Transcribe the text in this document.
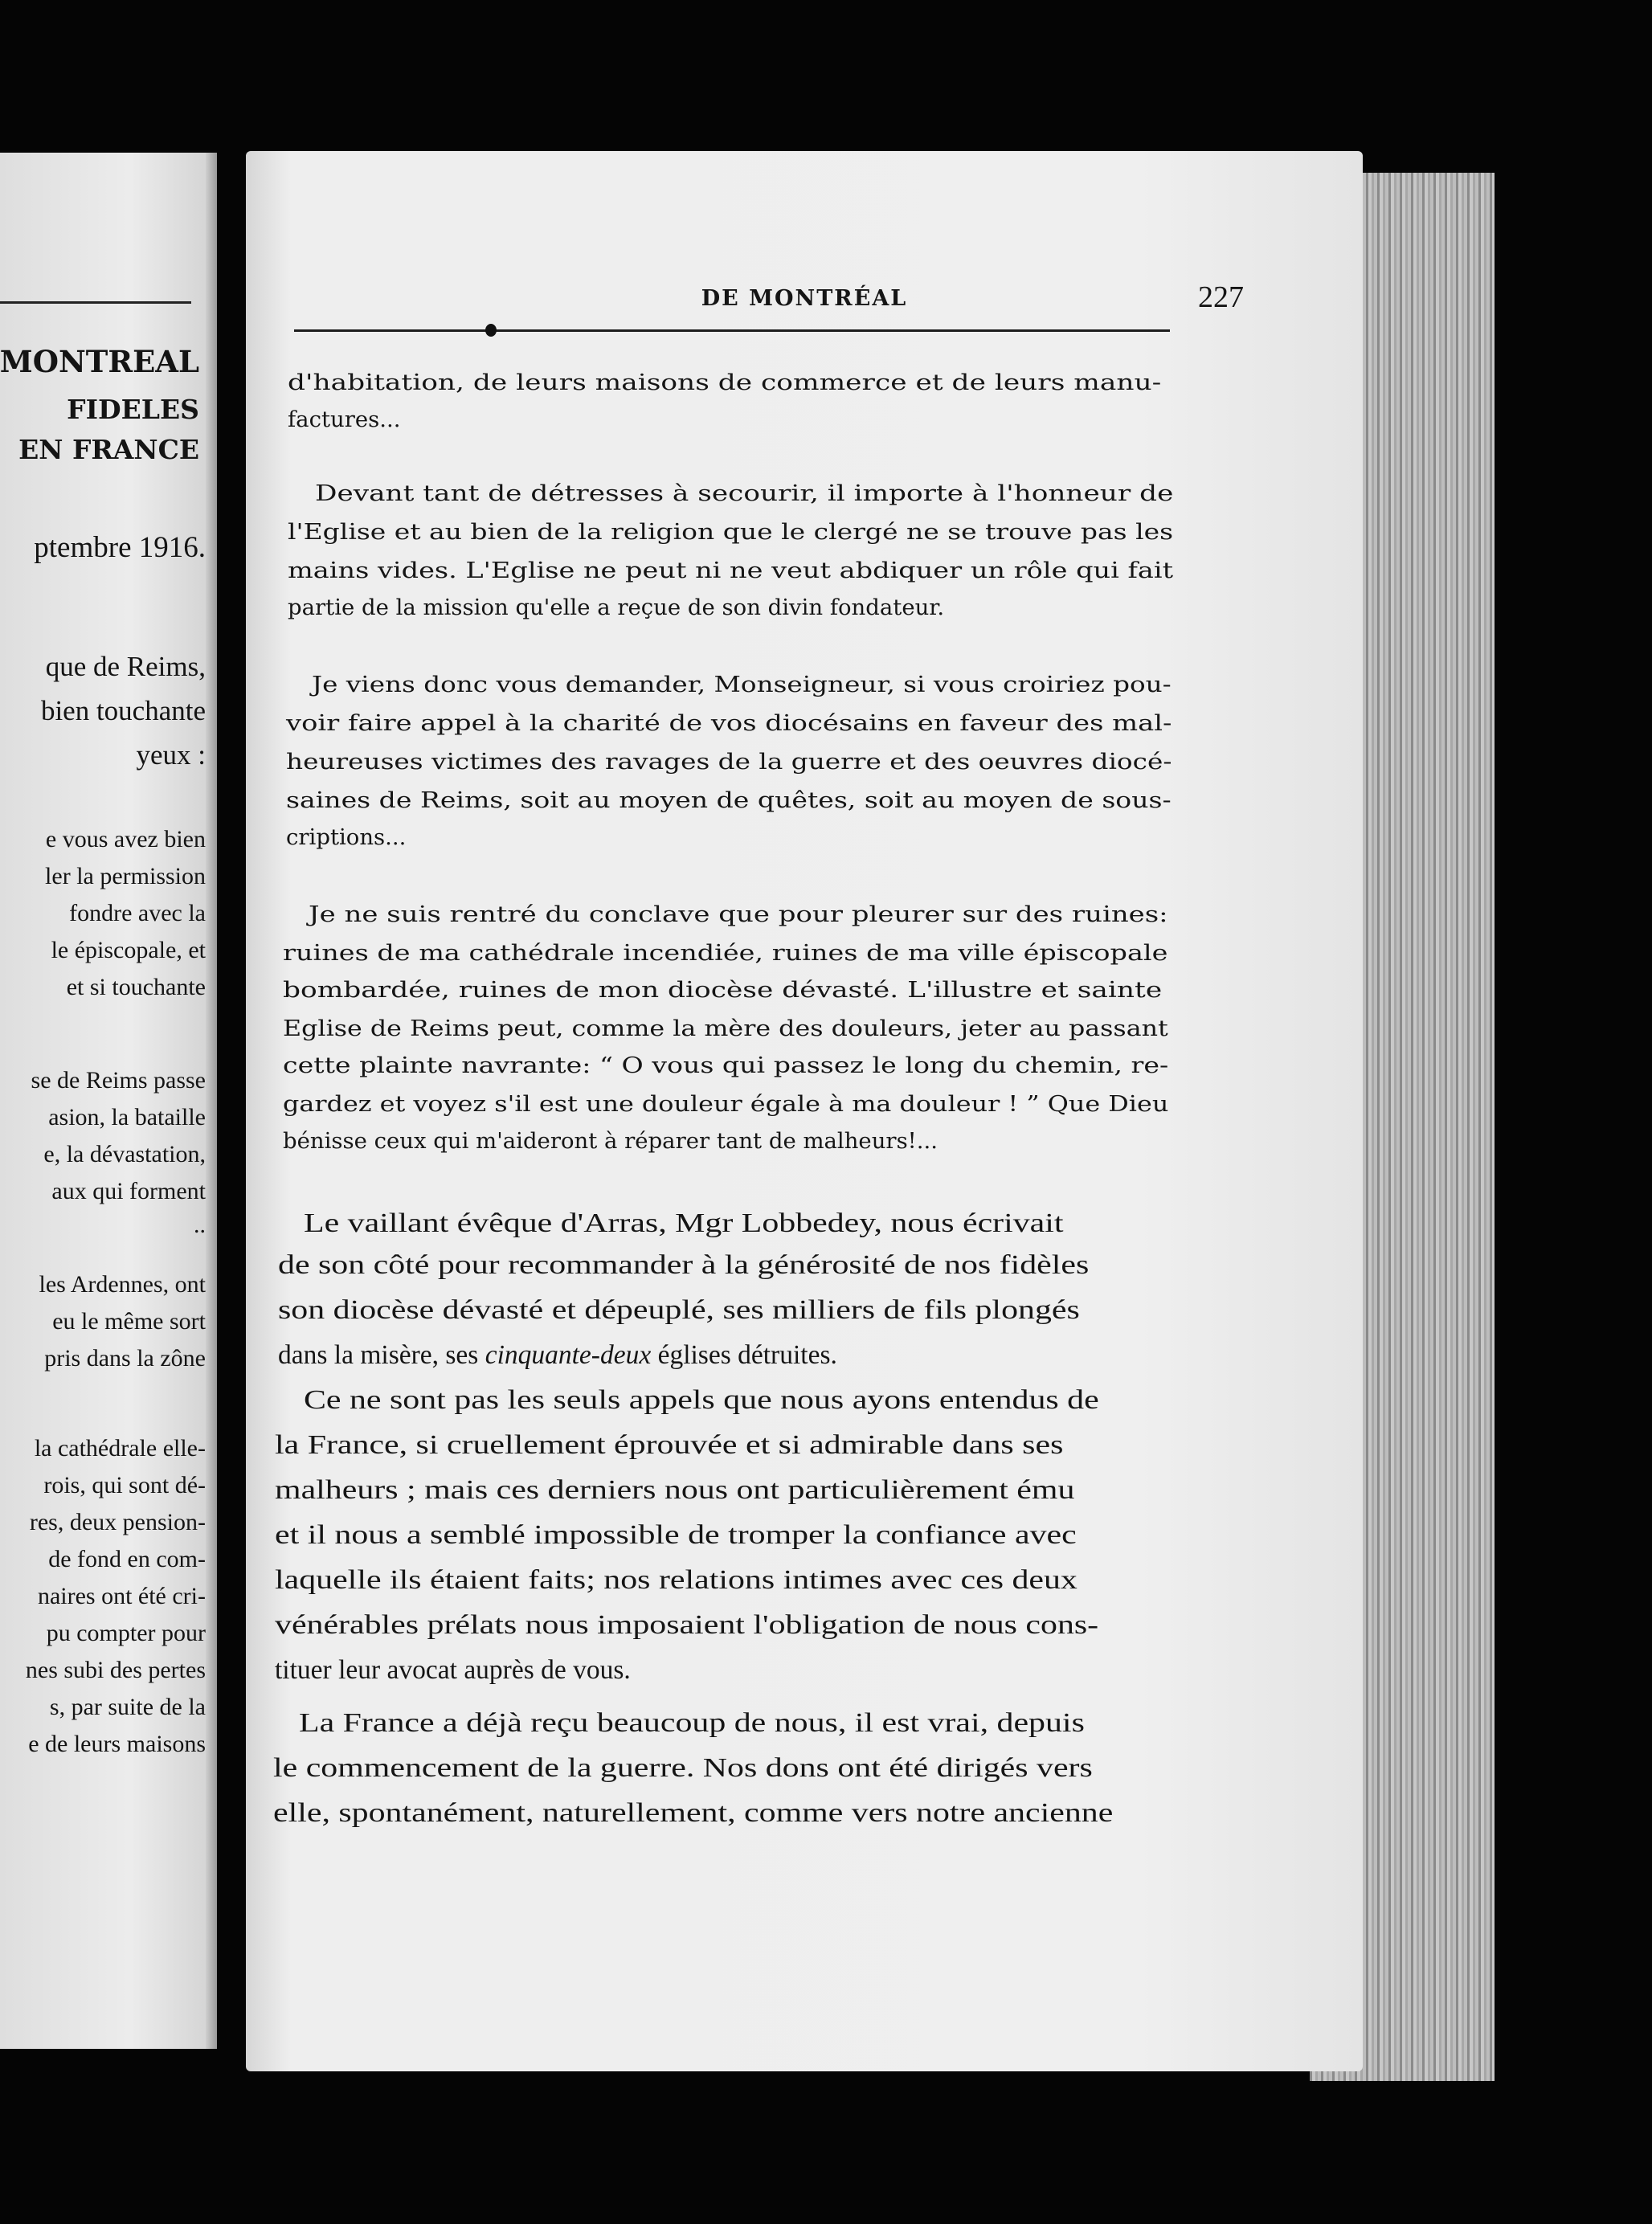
MONTREAL
FIDELES
EN FRANCE
ptembre 1916.
que de Reims,
bien touchante
yeux :
e vous avez bien
ler la permission
fondre avec la
le épiscopale, et
et si touchante
se de Reims passe
asion, la bataille
e, la dévastation,
aux qui forment
..
les Ardennes, ont
eu le même sort
pris dans la zône
la cathédrale elle-
rois, qui sont dé-
res, deux pension-
de fond en com-
naires ont été cri-
pu compter pour
nes subi des pertes
s, par suite de la
e de leurs maisons
DE MONTRÉAL	227
d'habitation, de leurs maisons de commerce et de leurs manu-
factures...
Devant tant de détresses à secourir, il importe à l'honneur de
l'Eglise et au bien de la religion que le clergé ne se trouve pas les
mains vides. L'Eglise ne peut ni ne veut abdiquer un rôle qui fait
partie de la mission qu'elle a reçue de son divin fondateur.
Je viens donc vous demander, Monseigneur, si vous croiriez pou-
voir faire appel à la charité de vos diocésains en faveur des mal-
heureuses victimes des ravages de la guerre et des oeuvres diocé-
saines de Reims, soit au moyen de quêtes, soit au moyen de sous-
criptions...
Je ne suis rentré du conclave que pour pleurer sur des ruines:
ruines de ma cathédrale incendiée, ruines de ma ville épiscopale
bombardée, ruines de mon diocèse dévasté. L'illustre et sainte
Eglise de Reims peut, comme la mère des douleurs, jeter au passant
cette plainte navrante: “ O vous qui passez le long du chemin, re-
gardez et voyez s'il est une douleur égale à ma douleur ! ” Que Dieu
bénisse ceux qui m'aideront à réparer tant de malheurs!...
Le vaillant évêque d'Arras, Mgr Lobbedey, nous écrivait
de son côté pour recommander à la générosité de nos fidèles
son diocèse dévasté et dépeuplé, ses milliers de fils plongés
dans la misère, ses cinquante-deux églises détruites.
Ce ne sont pas les seuls appels que nous ayons entendus de
la France, si cruellement éprouvée et si admirable dans ses
malheurs ; mais ces derniers nous ont particulièrement ému
et il nous a semblé impossible de tromper la confiance avec
laquelle ils étaient faits; nos relations intimes avec ces deux
vénérables prélats nous imposaient l'obligation de nous cons-
tituer leur avocat auprès de vous.
La France a déjà reçu beaucoup de nous, il est vrai, depuis
le commencement de la guerre. Nos dons ont été dirigés vers
elle, spontanément, naturellement, comme vers notre ancienne
